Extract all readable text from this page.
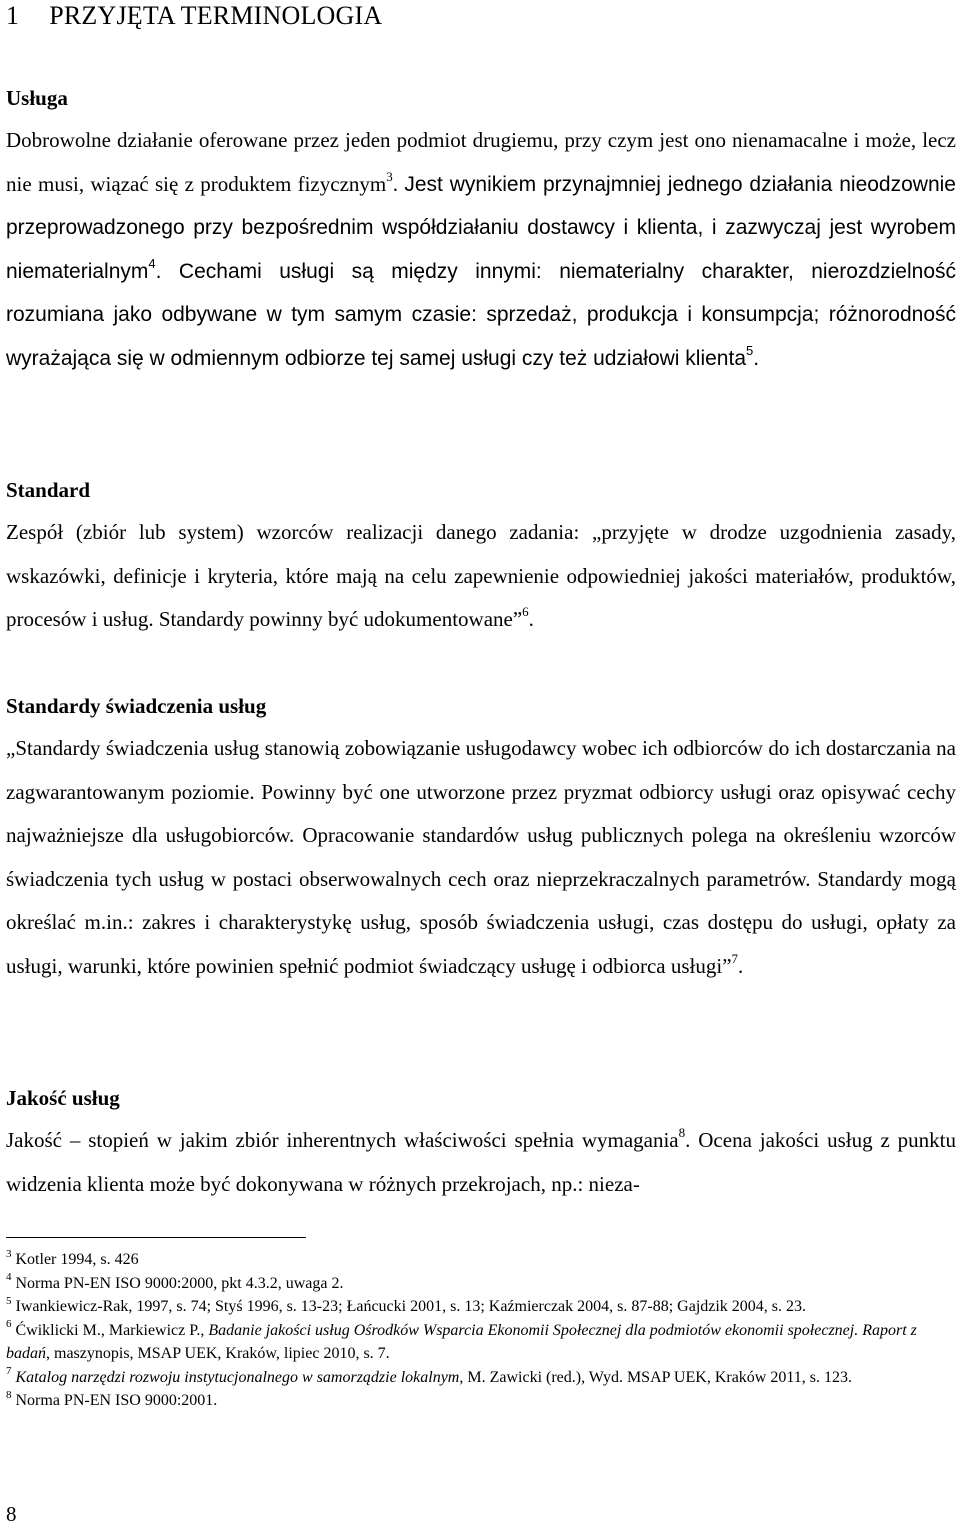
1 PRZYJĘTA TERMINOLOGIA

Usługa

Dobrowolne działanie oferowane przez jeden podmiot drugiemu, przy czym jest ono nienamacalne i może, lecz nie musi, wiązać się z produktem fizycznym$^3$. Jest wynikiem przynajmniej jednego działania nieodzownie przeprowadzonego przy bezpośrednim współdziałaniu dostawcy i klienta, i zazwyczaj jest wyrobem niematerialnym$^4$. Cechami usługi są między innymi: niematerialny charakter, nierozdzielność rozumiana jako odbywane w tym samym czasie: sprzedaż, produkcja i konsumpcja; różnorodność wyrażająca się w odmiennym odbiorze tej samej usługi czy też udziałowi klienta$^5$.

Standard

Zespół (zbiór lub system) wzorców realizacji danego zadania: „przyjęte w drodze uzgodnienia zasady, wskazówki, definicje i kryteria, które mają na celu zapewnienie odpowiedniej jakości materiałów, produktów, procesów i usług. Standardy powinny być udokumentowane”$^6$.

Standardy świadczenia usług

„Standardy świadczenia usług stanowią zobowiązanie usługodawcy wobec ich odbiorców do ich dostarczania na zagwarantowanym poziomie. Powinny być one utworzone przez pryzmat odbiorcy usługi oraz opisywać cechy najważniejsze dla usługobiorców. Opracowanie standardów usług publicznych polega na określeniu wzorców świadczenia tych usług w postaci obserwowalnych cech oraz nieprzekraczalnych parametrów. Standardy mogą określać m.in.: zakres i charakterystykę usług, sposób świadczenia usługi, czas dostępu do usługi, opłaty za usługi, warunki, które powinien spełnić podmiot świadczący usługę i odbiorca usługi”$^7$.

Jakość usług

Jakość – stopień w jakim zbiór inherentnych właściwości spełnia wymagania$^8$. Ocena jakości usług z punktu widzenia klienta może być dokonywana w różnych przekrojach, np.: nieza-

$^3$ Kotler 1994, s. 426

$^4$ Norma PN-EN ISO 9000:2000, pkt 4.3.2, uwaga 2.

$^5$ Iwankiewicz-Rak, 1997, s. 74; Styś 1996, s. 13-23; Łańcucki 2001, s. 13; Kaźmierczak 2004, s. 87-88; Gajdzik 2004, s. 23.

$^6$ Ćwiklicki M., Markiewicz P., Badanie jakości usług Ośrodków Wsparcia Ekonomii Społecznej dla podmiotów ekonomii społecznej. Raport z badań, maszynopis, MSAP UEK, Kraków, lipiec 2010, s. 7.

$^7$ Katalog narzędzi rozwoju instytucjonalnego w samorządzie lokalnym, M. Zawicki (red.), Wyd. MSAP UEK, Kraków 2011, s. 123.

$^8$ Norma PN-EN ISO 9000:2001.

8
